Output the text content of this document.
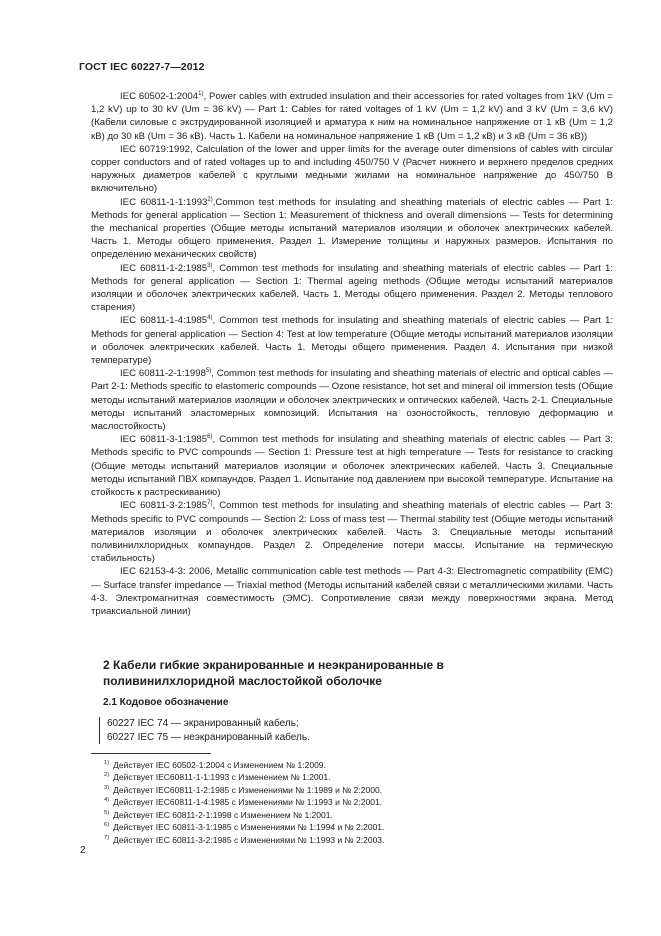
ГОСТ IEC 60227-7—2012

IEC 60502-1:2004$^{1)}$, Power cables with extruded insulation and their accessories for rated voltages from 1kV (Um = 1,2 kV) up to 30 kV (Um = 36 kV) — Part 1: Cables for rated voltages of 1 kV (Um = 1,2 kV) and 3 kV (Um = 3,6 kV) (Кабели силовые с экструдированной изоляцией и арматура к ним на номинальное напряжение от 1 кВ (Um = 1,2 кВ) до 30 кВ (Um = 36 кВ). Часть 1. Кабели на номинальное напряжение 1 кВ (Um = 1,2 кВ) и 3 кВ (Um = 36 кВ))

IEC 60719:1992, Calculation of the lower and upper limits for the average outer dimensions of cables with circular copper conductors and of rated voltages up to and including 450/750 V (Расчет нижнего и верхнего пределов средних наружных диаметров кабелей с круглыми медными жилами на номинальное напряжение до 450/750 В включительно)

IEC 60811-1-1:1993$^{2)}$,Common test methods for insulating and sheathing materials of electric cables — Part 1: Methods for general application — Section 1: Measurement of thickness and overall dimensions — Tests for determining the mechanical properties (Общие методы испытаний материалов изоляции и оболочек электрических кабелей. Часть 1. Методы общего применения. Раздел 1. Измерение толщины и наружных размеров. Испытания по определению механических свойств)

IEC 60811-1-2:1985$^{3)}$, Common test methods for insulating and sheathing materials of electric cables — Part 1: Methods for general application — Section 1: Thermal ageing methods (Общие методы испытаний материалов изоляции и оболочек электрических кабелей. Часть 1. Методы общего применения. Раздел 2. Методы теплового старения)

IEC 60811-1-4:1985$^{4)}$, Common test methods for insulating and sheathing materials of electric cables — Part 1: Methods for general application — Section 4: Test at low temperature (Общие методы испытаний материалов изоляции и оболочек электрических кабелей. Часть 1. Методы общего применения. Раздел 4. Испытания при низкой температуре)

IEC 60811-2-1:1998$^{5)}$, Common test methods for insulating and sheathing materials of electric and optical cables — Part 2-1: Methods specific to elastomeric compounds — Ozone resistance, hot set and mineral oil immersion tests (Общие методы испытаний материалов изоляции и оболочек электрических и оптических кабелей. Часть 2-1. Специальные методы испытаний эластомерных композиций. Испытания на озоностойкость, тепловую деформацию и маслостойкость)

IEC 60811-3-1:1985$^{6)}$, Common test methods for insulating and sheathing materials of electric cables — Part 3: Methods specific to PVC compounds — Section 1: Pressure test at high temperature — Tests for resistance to cracking (Общие методы испытаний материалов изоляции и оболочек электрических кабелей. Часть 3. Специальные методы испытаний ПВХ компаундов. Раздел 1. Испытание под давлением при высокой температуре. Испытание на стойкость к растрескиванию)

IEC 60811-3-2:1985$^{7)}$, Common test methods for insulating and sheathing materials of electric cables — Part 3: Methods specific to PVC compounds — Section 2: Loss of mass test — Thermal stability test (Общие методы испытаний материалов изоляции и оболочек электрических кабелей. Часть 3. Специальные методы испытаний поливинилхлоридных компаундов. Раздел 2. Определение потери массы. Испытание на термическую стабильность)

IEC 62153-4-3: 2006, Metallic communication cable test methods — Part 4-3: Electromagnetic compatibility (EMC) — Surface transfer impedance — Triaxial method (Методы испытаний кабелей связи с металлическими жилами. Часть 4-3. Электромагнитная совместимость (ЭМС). Сопротивление связи между поверхностями экрана. Метод триаксиальной линии)

2 Кабели гибкие экранированные и неэкранированные в поливинилхлоридной маслостойкой оболочке
2.1 Кодовое обозначение
60227 IEC 74 — экранированный кабель;
60227 IEC 75 — неэкранированный кабель.
$^{1)}$ Действует IEC 60502-1:2004 с Изменением № 1:2009.
$^{2)}$ Действует IEC60811-1-1:1993 с Изменением № 1:2001.
$^{3)}$ Действует IEC60811-1-2:1985 с Изменениями № 1:1989 и № 2:2000.
$^{4)}$ Действует IEC60811-1-4:1985 с Изменениями № 1:1993 и № 2:2001.
$^{5)}$ Действует IEC 60811-2-1:1998 с Изменением № 1:2001.
$^{6)}$ Действует IEC 60811-3-1:1985 с Изменениями № 1:1994 и № 2:2001.
$^{7)}$ Действует IEC 60811-3-2:1985 с Изменениями № 1:1993 и № 2:2003.
2
